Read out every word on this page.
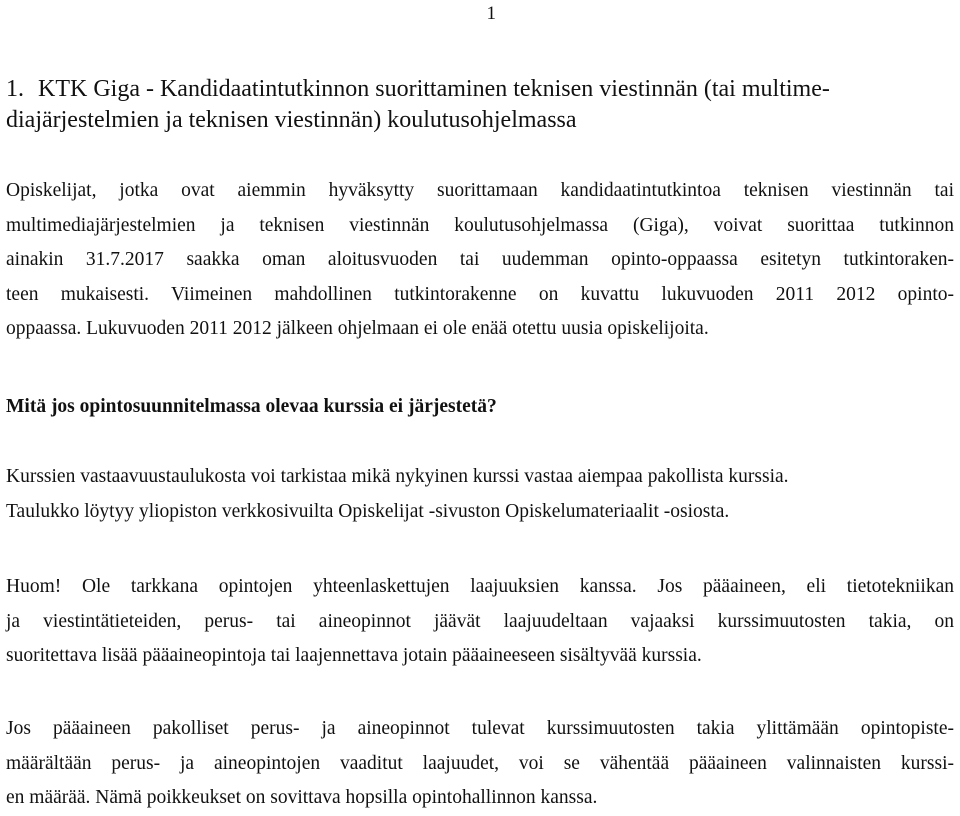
1
1. KTK Giga - Kandidaatintutkinnon suorittaminen teknisen viestinnän (tai multime-
diajärjestelmien ja teknisen viestinnän) koulutusohjelmassa

Opiskelijat, jotka ovat aiemmin hyväksytty suorittamaan kandidaatintutkintoa teknisen viestinnän tai
multimediajärjestelmien ja teknisen viestinnän koulutusohjelmassa (Giga), voivat suorittaa tutkinnon
ainakin 31.7.2017 saakka oman aloitusvuoden tai uudemman opinto-oppaassa esitetyn tutkintoraken-
teen mukaisesti. Viimeinen mahdollinen tutkintorakenne on kuvattu lukuvuoden 2011 2012 opinto-
oppaassa. Lukuvuoden 2011 2012 jälkeen ohjelmaan ei ole enää otettu uusia opiskelijoita.

Mitä jos opintosuunnitelmassa olevaa kurssia ei järjestetä?

Kurssien vastaavuustaulukosta voi tarkistaa mikä nykyinen kurssi vastaa aiempaa pakollista kurssia.
Taulukko löytyy yliopiston verkkosivuilta Opiskelijat -sivuston Opiskelumateriaalit -osiosta.

Huom! Ole tarkkana opintojen yhteenlaskettujen laajuuksien kanssa. Jos pääaineen, eli tietotekniikan
ja viestintätieteiden, perus- tai aineopinnot jäävät laajuudeltaan vajaaksi kurssimuutosten takia, on
suoritettava lisää pääaineopintoja tai laajennettava jotain pääaineeseen sisältyvää kurssia.

Jos pääaineen pakolliset perus- ja aineopinnot tulevat kurssimuutosten takia ylittämään opintopiste-
määrältään perus- ja aineopintojen vaaditut laajuudet, voi se vähentää pääaineen valinnaisten kurssi-
en määrää. Nämä poikkeukset on sovittava hopsilla opintohallinnon kanssa.
